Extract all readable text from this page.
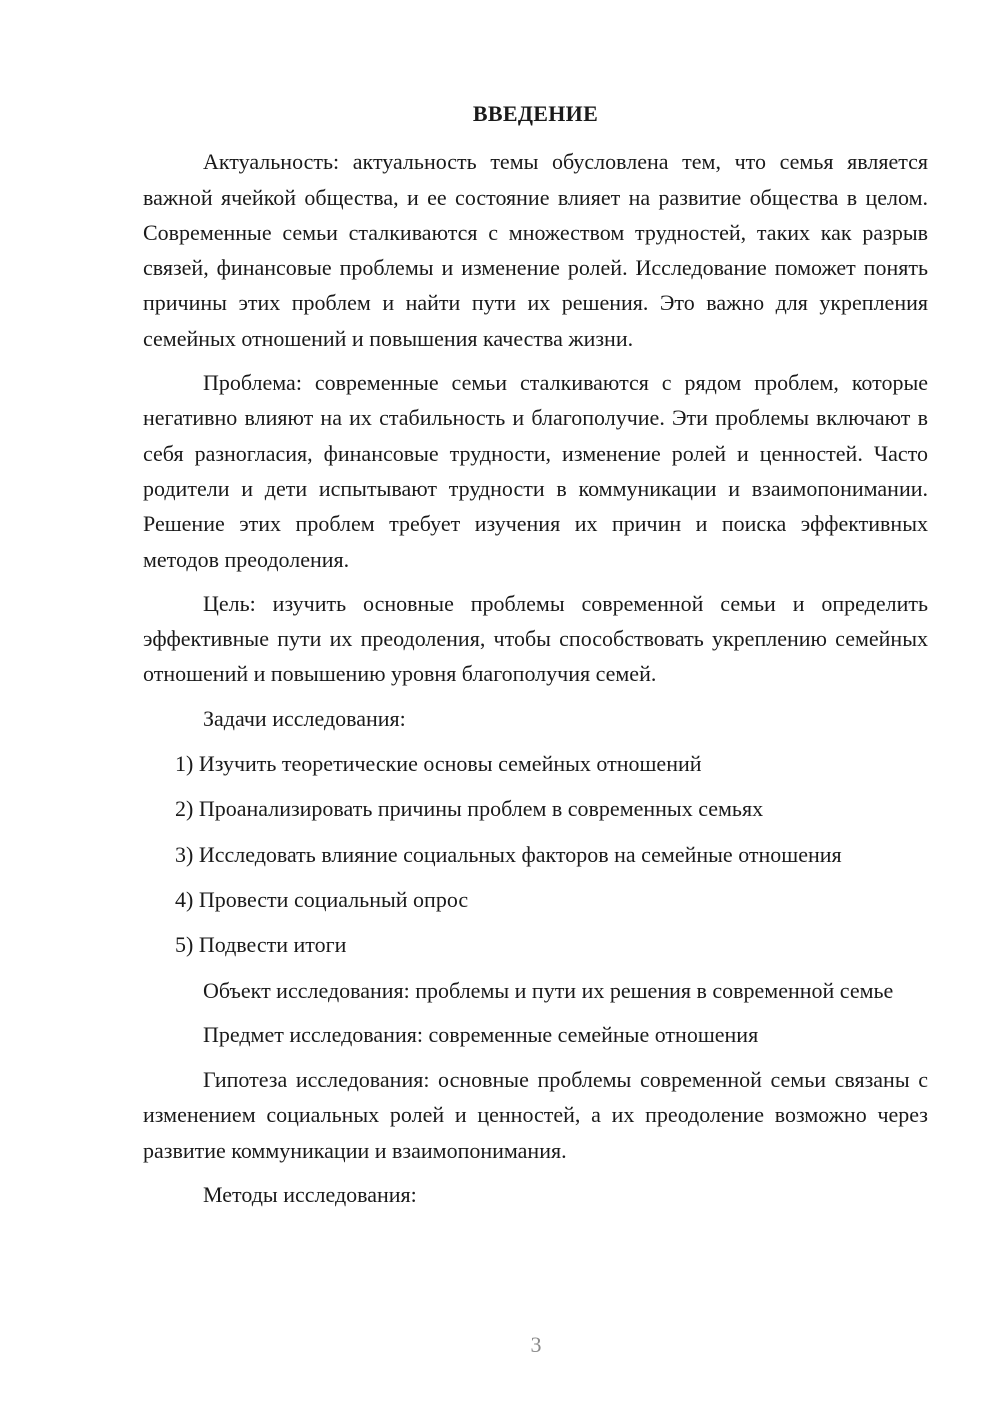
ВВЕДЕНИЕ

Актуальность: актуальность темы обусловлена тем, что семья является важной ячейкой общества, и ее состояние влияет на развитие общества в целом. Современные семьи сталкиваются с множеством трудностей, таких как разрыв связей, финансовые проблемы и изменение ролей. Исследование поможет понять причины этих проблем и найти пути их решения. Это важно для укрепления семейных отношений и повышения качества жизни.

Проблема: современные семьи сталкиваются с рядом проблем, которые негативно влияют на их стабильность и благополучие. Эти проблемы включают в себя разногласия, финансовые трудности, изменение ролей и ценностей. Часто родители и дети испытывают трудности в коммуникации и взаимопонимании. Решение этих проблем требует изучения их причин и поиска эффективных методов преодоления.

Цель: изучить основные проблемы современной семьи и определить эффективные пути их преодоления, чтобы способствовать укреплению семейных отношений и повышению уровня благополучия семей.

Задачи исследования:

1) Изучить теоретические основы семейных отношений
2) Проанализировать причины проблем в современных семьях
3) Исследовать влияние социальных факторов на семейные отношения
4) Провести социальный опрос
5) Подвести итоги

Объект исследования: проблемы и пути их решения в современной семье

Предмет исследования: современные семейные отношения

Гипотеза исследования: основные проблемы современной семьи связаны с изменением социальных ролей и ценностей, а их преодоление возможно через развитие коммуникации и взаимопонимания.

Методы исследования:

3
